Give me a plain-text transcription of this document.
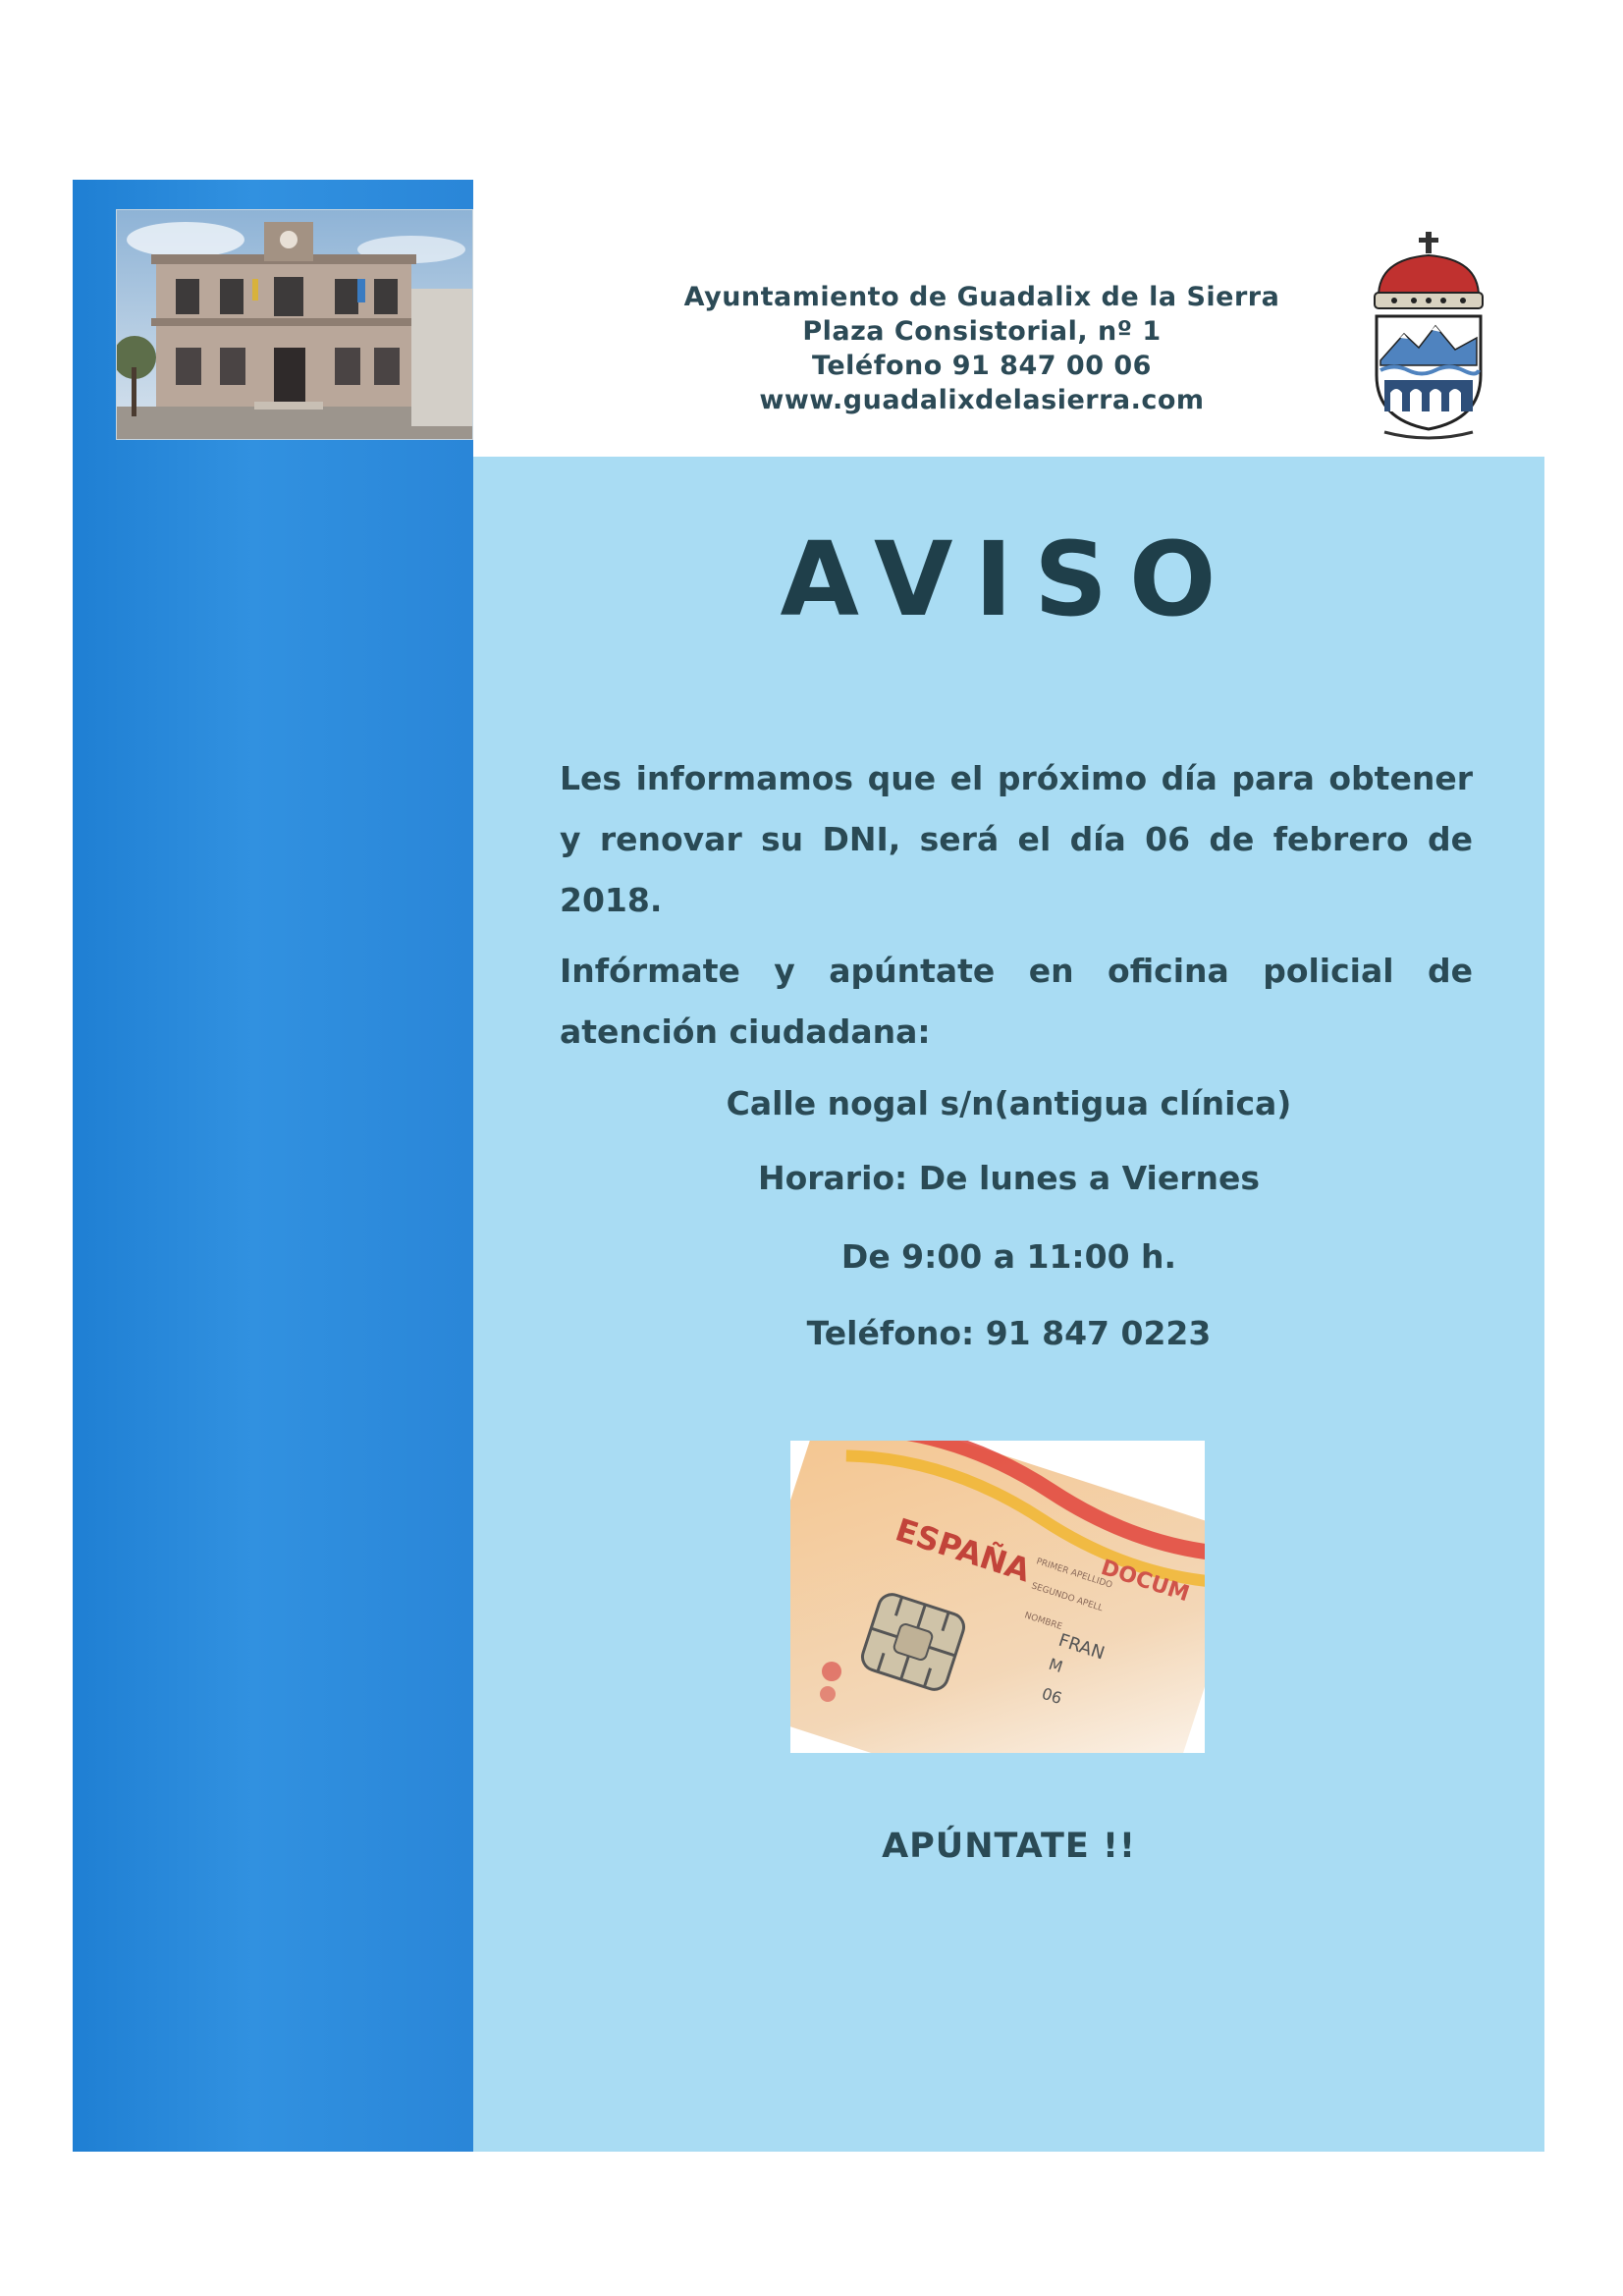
Ayuntamiento de Guadalix de la Sierra
Plaza Consistorial, nº 1
Teléfono 91 847 00 06
www.guadalixdelasierra.com
AVISO
Les informamos que el próximo día para obtener y renovar su DNI, será el día 06 de febrero de 2018.
Infórmate y apúntate en oficina policial de atención ciudadana:
Calle nogal s/n(antigua clínica)
Horario: De lunes a Viernes
De 9:00 a 11:00 h.
Teléfono: 91 847 0223
ESPAÑA	DOCUM
PRIMER APELLIDO
SEGUNDO APELL
NOMBRE
FRAN
M
06
APÚNTATE !!
